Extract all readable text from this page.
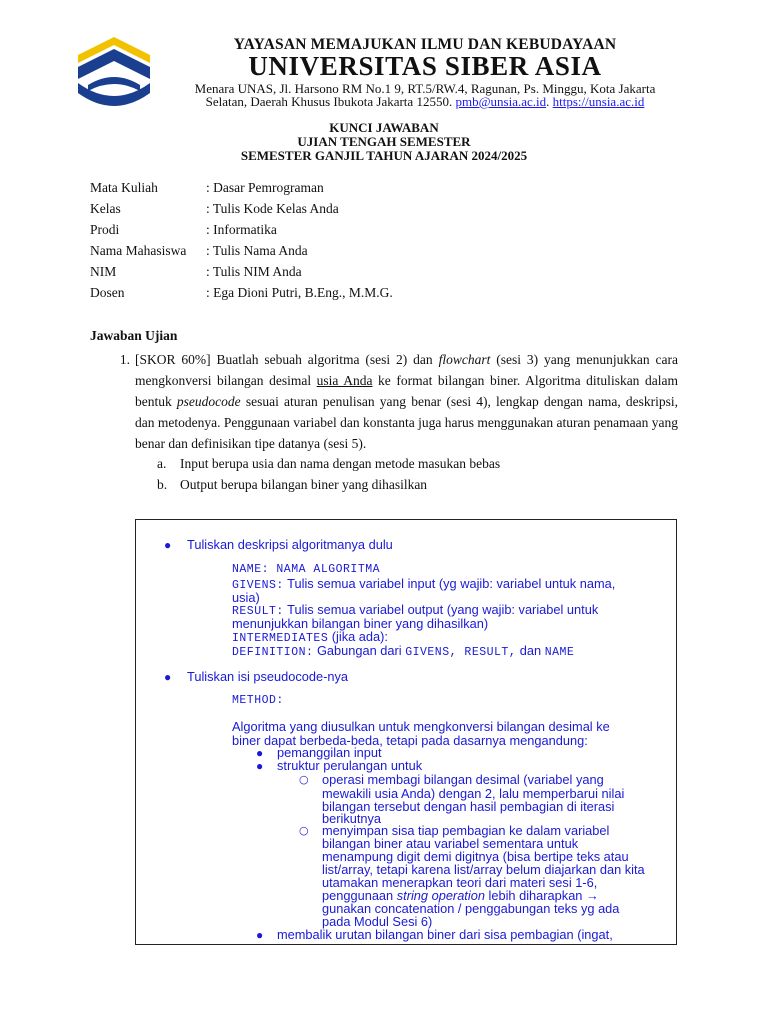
YAYASAN MEMAJUKAN ILMU DAN KEBUDAYAAN
UNIVERSITAS SIBER ASIA
Menara UNAS, Jl. Harsono RM No.1 9, RT.5/RW.4, Ragunan, Ps. Minggu, Kota Jakarta
Selatan, Daerah Khusus Ibukota Jakarta 12550. pmb@unsia.ac.id. https://unsia.ac.id
KUNCI JAWABAN
UJIAN TENGAH SEMESTER
SEMESTER GANJIL TAHUN AJARAN 2024/2025
Mata Kuliah	: Dasar Pemrograman
Kelas	: Tulis Kode Kelas Anda
Prodi	: Informatika
Nama Mahasiswa	: Tulis Nama Anda
NIM	: Tulis NIM Anda
Dosen	: Ega Dioni Putri, B.Eng., M.M.G.
Jawaban Ujian
1. [SKOR 60%] Buatlah sebuah algoritma (sesi 2) dan flowchart (sesi 3) yang menunjukkan cara mengkonversi bilangan desimal usia Anda ke format bilangan biner. Algoritma dituliskan dalam bentuk pseudocode sesuai aturan penulisan yang benar (sesi 4), lengkap dengan nama, deskripsi, dan metodenya. Penggunaan variabel dan konstanta juga harus menggunakan aturan penamaan yang benar dan definisikan tipe datanya (sesi 5).
a. Input berupa usia dan nama dengan metode masukan bebas
b. Output berupa bilangan biner yang dihasilkan
● Tuliskan deskripsi algoritmanya dulu
NAME: NAMA ALGORITMA
GIVENS: Tulis semua variabel input (yg wajib: variabel untuk nama,
usia)
RESULT: Tulis semua variabel output (yang wajib: variabel untuk
menunjukkan bilangan biner yang dihasilkan)
INTERMEDIATES (jika ada):
DEFINITION: Gabungan dari GIVENS, RESULT, dan NAME
● Tuliskan isi pseudocode-nya
METHOD:
Algoritma yang diusulkan untuk mengkonversi bilangan desimal ke
biner dapat berbeda-beda, tetapi pada dasarnya mengandung:
● pemanggilan input
● struktur perulangan untuk
○ operasi membagi bilangan desimal (variabel yang
mewakili usia Anda) dengan 2, lalu memperbarui nilai
bilangan tersebut dengan hasil pembagian di iterasi
berikutnya
○ menyimpan sisa tiap pembagian ke dalam variabel
bilangan biner atau variabel sementara untuk
menampung digit demi digitnya (bisa bertipe teks atau
list/array, tetapi karena list/array belum diajarkan dan kita
utamakan menerapkan teori dari materi sesi 1-6,
penggunaan string operation lebih diharapkan →
gunakan concatenation / penggabungan teks yg ada
pada Modul Sesi 6)
● membalik urutan bilangan biner dari sisa pembagian (ingat,
